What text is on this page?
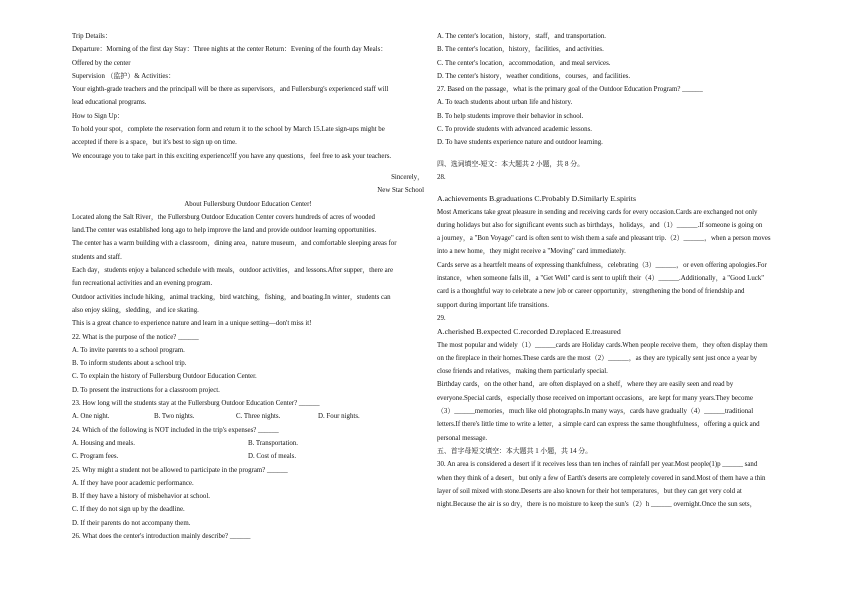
Trip Details：
Departure：Morning of the first day Stay：Three nights at the center Return：Evening of the fourth day Meals：
Offered by the center
Supervision （监护）& Activities：
Your eighth-grade teachers and the principall will be there as supervisors，and Fullersburg's experienced staff will
lead educational programs.
How to Sign Up：
To hold your spot，complete the reservation form and return it to the school by March 15.Late sign-ups might be
accepted if there is a space，but it's best to sign up on time.
We encourage you to take part in this exciting experience!If you have any questions，feel free to ask your teachers.
Sincerely，
New Star School
About Fullersburg Outdoor Education Center!
Located along the Salt River，the Fullersburg Outdoor Education Center covers hundreds of acres of wooded
land.The center was established long ago to help improve the land and provide outdoor learning opportunities.
The center has a warm building with a classroom，dining area，nature museum，and comfortable sleeping areas for
students and staff.
Each day，students enjoy a balanced schedule with meals，outdoor activities，and lessons.After supper，there are
fun recreational activities and an evening program.
Outdoor activities include hiking，animal tracking，bird watching，fishing，and boating.In winter，students can
also enjoy skiing，sledding，and ice skating.
This is a great chance to experience nature and learn in a unique setting—don't miss it!
22. What is the purpose of the notice? ______
A. To invite parents to a school program.
B. To inform students about a school trip.
C. To explain the history of Fullersburg Outdoor Education Center.
D. To present the instructions for a classroom project.
23. How long will the students stay at the Fullersburg Outdoor Education Center? ______
A. One night.	B. Two nights.	C. Three nights.	D. Four nights.
24. Which of the following is NOT included in the trip's expenses? ______
A. Housing and meals.	B. Transportation.
C. Program fees.	D. Cost of meals.
25. Why might a student not be allowed to participate in the program? ______
A. If they have poor academic performance.
B. If they have a history of misbehavior at school.
C. If they do not sign up by the deadline.
D. If their parents do not accompany them.
26. What does the center's introduction mainly describe? ______
A. The center's location，history，staff，and transportation.
B. The center's location，history，facilities，and activities.
C. The center's location，accommodation，and meal services.
D. The center's history，weather conditions，courses，and facilities.
27. Based on the passage，what is the primary goal of the Outdoor Education Program? ______
A. To teach students about urban life and history.
B. To help students improve their behavior in school.
C. To provide students with advanced academic lessons.
D. To have students experience nature and outdoor learning.
四、选词填空-短文：本大题共 2 小题，共 8 分。
28.
A.achievements B.graduations C.Probably D.Similarly E.spirits
Most Americans take great pleasure in sending and receiving cards for every occasion.Cards are exchanged not only
during holidays but also for significant events such as birthdays，holidays，and（1）______.If someone is going on
a journey，a "Bon Voyage" card is often sent to wish them a safe and pleasant trip.（2）______，when a person moves
into a new home，they might receive a "Moving" card immediately.
Cards serve as a heartfelt means of expressing thankfulness，celebrating（3）______，or even offering apologies.For
instance，when someone falls ill，a "Get Well" card is sent to uplift their（4）______.Additionally，a "Good Luck"
card is a thoughtful way to celebrate a new job or career opportunity，strengthening the bond of friendship and
support during important life transitions.
29.
A.cherished B.expected C.recorded D.replaced E.treasured
The most popular and widely（1）______cards are Holiday cards.When people receive them，they often display them
on the fireplace in their homes.These cards are the most（2）______，as they are typically sent just once a year by
close friends and relatives，making them particularly special.
Birthday cards，on the other hand，are often displayed on a shelf，where they are easily seen and read by
everyone.Special cards，especially those received on important occasions，are kept for many years.They become
（3）______memories，much like old photographs.In many ways，cards have gradually（4）______traditional
letters.If there's little time to write a letter，a simple card can express the same thoughtfulness，offering a quick and
personal message.
五、首字母短文填空：本大题共 1 小题，共 14 分。
30. An area is considered a desert if it receives less than ten inches of rainfall per year.Most people(1)p ______ sand
when they think of a desert，but only a few of Earth's deserts are completely covered in sand.Most of them have a thin
layer of soil mixed with stone.Deserts are also known for their hot temperatures，but they can get very cold at
night.Because the air is so dry，there is no moisture to keep the sun's（2）h ______ overnight.Once the sun sets，
